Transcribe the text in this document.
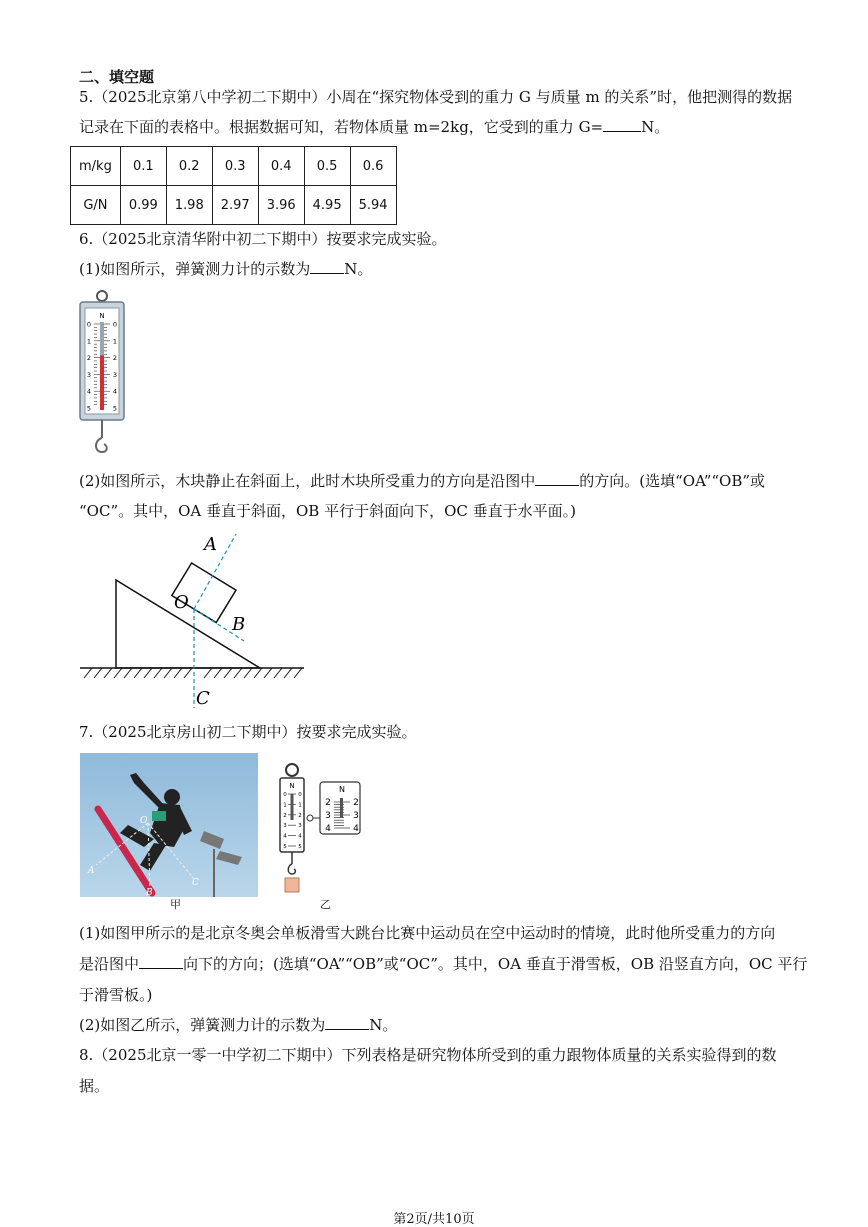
二、填空题
5.（2025北京第八中学初二下期中）小周在“探究物体受到的重力 G 与质量 m 的关系”时，他把测得的数据
记录在下面的表格中。根据数据可知，若物体质量 m=2kg，它受到的重力 G=	N。
m/kg	0.1	0.2	0.3	0.4	0.5	0.6
G/N	0.99	1.98	2.97	3.96	4.95	5.94
6.（2025北京清华附中初二下期中）按要求完成实验。
(1)如图所示，弹簧测力计的示数为 N。
N
0	0
1	1
2	2
3	3
4	4
5	5
(2)如图所示，木块静止在斜面上，此时木块所受重力的方向是沿图中	的方向。(选填“OA”“OB”或
“OC”。其中，OA 垂直于斜面，OB 平行于斜面向下，OC 垂直于水平面。)
A
O
B
C
7.（2025北京房山初二下期中）按要求完成实验。
O
A
B
C
甲
N
0 0
1 1
2 2
3 3
4 4
5 5
N
2 2
3 3
4 4
乙
(1)如图甲所示的是北京冬奥会单板滑雪大跳台比赛中运动员在空中运动时的情境，此时他所受重力的方向
是沿图中	向下的方向；(选填“OA”“OB”或“OC”。其中，OA 垂直于滑雪板，OB 沿竖直方向，OC 平行
于滑雪板。)
(2)如图乙所示，弹簧测力计的示数为	N。
8.（2025北京一零一中学初二下期中）下列表格是研究物体所受到的重力跟物体质量的关系实验得到的数
据。
第2页/共10页
